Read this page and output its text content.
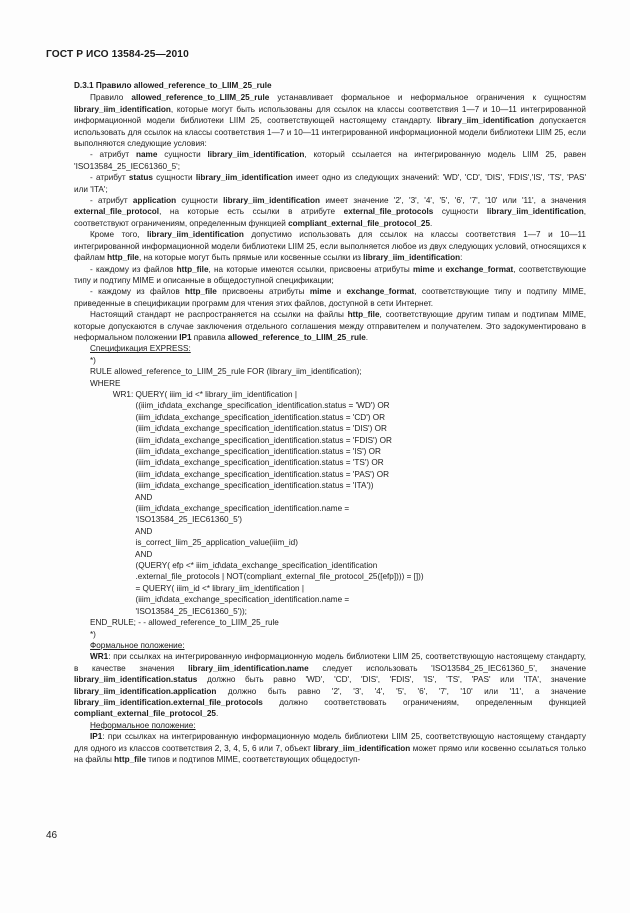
ГОСТ Р ИСО 13584-25—2010
D.3.1 Правило allowed_reference_to_LIIM_25_rule

Правило allowed_reference_to_LIIM_25_rule устанавливает формальное и неформальное ограничения к сущностям library_iim_identification, которые могут быть использованы для ссылок на классы соответствия 1—7 и 10—11 интегрированной информационной модели библиотеки LIIM 25, соответствующей настоящему стандарту. library_iim_identification допускается использовать для ссылок на классы соответствия 1—7 и 10—11 интегрированной информационной модели библиотеки LIIM 25, если выполняются следующие условия:

- атрибут name сущности library_iim_identification, который ссылается на интегрированную модель LIIM 25, равен 'ISO13584_25_IEC61360_5';

- атрибут status сущности library_iim_identification имеет одно из следующих значений: 'WD', 'CD', 'DIS', 'FDIS','IS', 'TS', 'PAS' или 'ITA';

- атрибут application сущности library_iim_identification имеет значение '2', '3', '4', '5', '6', '7', '10' или '11', а значения external_file_protocol, на которые есть ссылки в атрибуте external_file_protocols сущности library_iim_identification, соответствуют ограничениям, определенным функцией compliant_external_file_protocol_25.

Кроме того, library_iim_identification допустимо использовать для ссылок на классы соответствия 1—7 и 10—11 интегрированной информационной модели библиотеки LIIM 25, если выполняется любое из двух следующих условий, относящихся к файлам http_file, на которые могут быть прямые или косвенные ссылки из library_iim_identification:

- каждому из файлов http_file, на которые имеются ссылки, присвоены атрибуты mime и exchange_format, соответствующие типу и подтипу MIME и описанные в общедоступной спецификации;

- каждому из файлов http_file присвоены атрибуты mime и exchange_format, соответствующие типу и подтипу MIME, приведенные в спецификации программ для чтения этих файлов, доступной в сети Интернет.

Настоящий стандарт не распространяется на ссылки на файлы http_file, соответствующие другим типам и подтипам MIME, которые допускаются в случае заключения отдельного соглашения между отправителем и получателем. Это задокументировано в неформальном положении IP1 правила allowed_reference_to_LIIM_25_rule.

Спецификация EXPRESS:
*)
RULE allowed_reference_to_LIIM_25_rule FOR (library_iim_identification);
WHERE
WR1: QUERY( iiim_id <* library_iim_identification |
((iiim_id\data_exchange_specification_identification.status = 'WD') OR
(iiim_id\data_exchange_specification_identification.status = 'CD') OR
(iiim_id\data_exchange_specification_identification.status = 'DIS') OR
(iiim_id\data_exchange_specification_identification.status = 'FDIS') OR
(iiim_id\data_exchange_specification_identification.status = 'IS') OR
(iiim_id\data_exchange_specification_identification.status = 'TS') OR
(iiim_id\data_exchange_specification_identification.status = 'PAS') OR
(iiim_id\data_exchange_specification_identification.status = 'ITA'))
AND
(iiim_id\data_exchange_specification_identification.name =
'ISO13584_25_IEC61360_5')
AND
is_correct_liim_25_application_value(iiim_id)
AND
(QUERY( efp <* iiim_id\data_exchange_specification_identification
.external_file_protocols | NOT(compliant_external_file_protocol_25([efp]))) = []))
= QUERY( iiim_id <* library_iim_identification |
(iiim_id\data_exchange_specification_identification.name =
'ISO13584_25_IEC61360_5'));
END_RULE; - - allowed_reference_to_LIIM_25_rule
*)
Формальное положение:

WR1: при ссылках на интегрированную информационную модель библиотеки LIIM 25, соответствующую настоящему стандарту, в качестве значения library_iim_identification.name следует использовать 'ISO13584_25_IEC61360_5', значение library_iim_identification.status должно быть равно 'WD', 'CD', 'DIS', 'FDIS', 'IS', 'TS', 'PAS' или 'ITA', значение library_iim_identification.application должно быть равно '2', '3', '4', '5', '6', '7', '10' или '11', а значение library_iim_identification.external_file_protocols должно соответствовать ограничениям, определенным функцией compliant_external_file_protocol_25.

Неформальное положение:

IP1: при ссылках на интегрированную информационную модель библиотеки LIIM 25, соответствующую настоящему стандарту для одного из классов соответствия 2, 3, 4, 5, 6 или 7, объект library_iim_identification может прямо или косвенно ссылаться только на файлы http_file типов и подтипов MIME, соответствующих общедоступ-

46
